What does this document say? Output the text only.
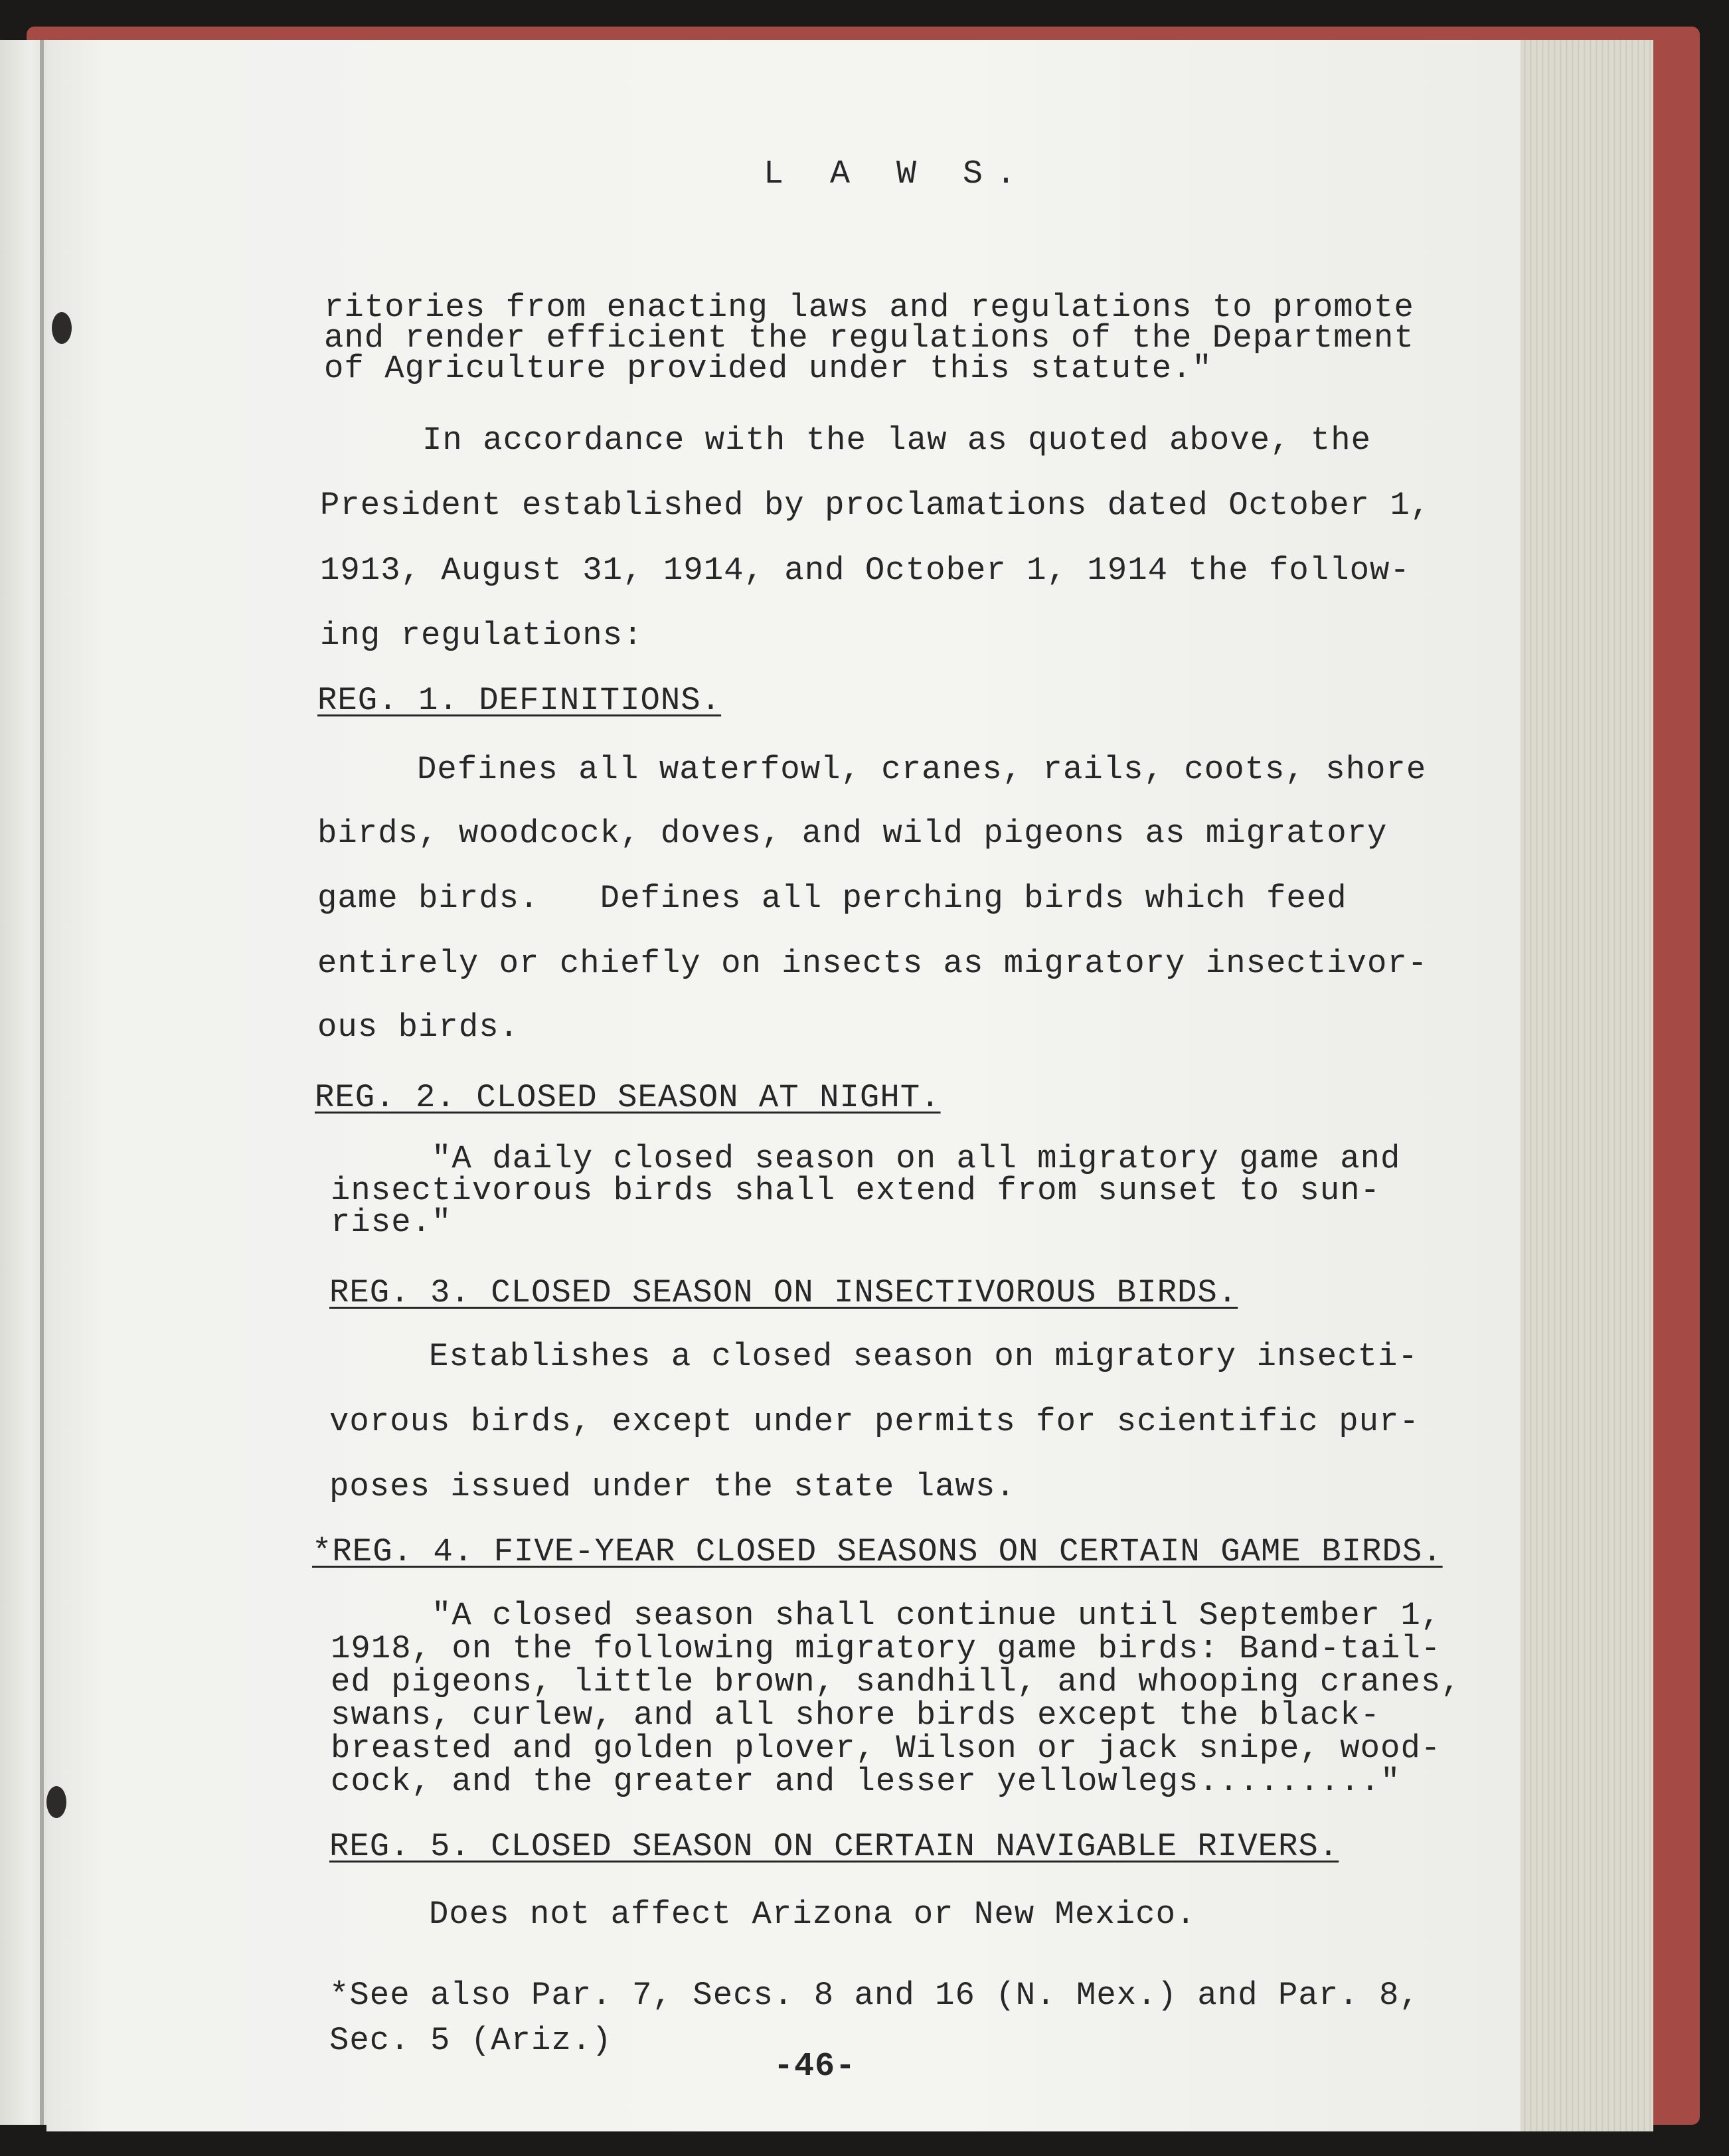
L A W S.
ritories from enacting laws and regulations to promote
and render efficient the regulations of the Department
of Agriculture provided under this statute."
In accordance with the law as quoted above, the
President established by proclamations dated October 1,
1913, August 31, 1914, and October 1, 1914 the follow-
ing regulations:
REG. 1. DEFINITIONS.
Defines all waterfowl, cranes, rails, coots, shore
birds, woodcock, doves, and wild pigeons as migratory
game birds.   Defines all perching birds which feed
entirely or chiefly on insects as migratory insectivor-
ous birds.
REG. 2. CLOSED SEASON AT NIGHT.
"A daily closed season on all migratory game and
insectivorous birds shall extend from sunset to sun-
rise."
REG. 3. CLOSED SEASON ON INSECTIVOROUS BIRDS.
Establishes a closed season on migratory insecti-
vorous birds, except under permits for scientific pur-
poses issued under the state laws.
*REG. 4. FIVE-YEAR CLOSED SEASONS ON CERTAIN GAME BIRDS.
"A closed season shall continue until September 1,
1918, on the following migratory game birds: Band-tail-
ed pigeons, little brown, sandhill, and whooping cranes,
swans, curlew, and all shore birds except the black-
breasted and golden plover, Wilson or jack snipe, wood-
cock, and the greater and lesser yellowlegs........."
REG. 5. CLOSED SEASON ON CERTAIN NAVIGABLE RIVERS.
Does not affect Arizona or New Mexico.
*See also Par. 7, Secs. 8 and 16 (N. Mex.) and Par. 8,
Sec. 5 (Ariz.)
-46-
